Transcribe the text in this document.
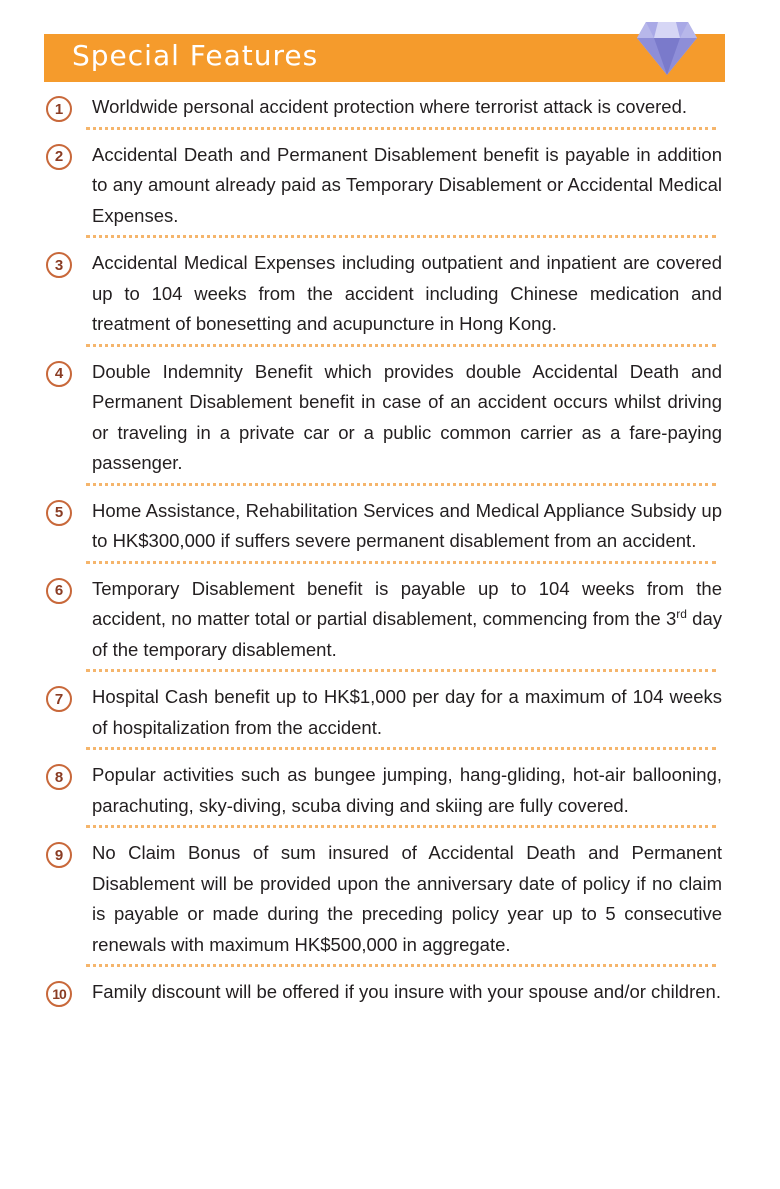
Special Features
1	Worldwide personal accident protection where terrorist attack is covered.
2	Accidental Death and Permanent Disablement benefit is payable in addition to any amount already paid as Temporary Disablement or Accidental Medical Expenses.
3	Accidental Medical Expenses including outpatient and inpatient are covered up to 104 weeks from the accident including Chinese medication and treatment of bonesetting and acupuncture in Hong Kong.
4	Double Indemnity Benefit which provides double Accidental Death and Permanent Disablement benefit in case of an accident occurs whilst driving or traveling in a private car or a public common carrier as a fare-paying passenger.
5	Home Assistance, Rehabilitation Services and Medical Appliance Subsidy up to HK$300,000 if suffers severe permanent disablement from an accident.
6	Temporary Disablement benefit is payable up to 104 weeks from the accident, no matter total or partial disablement, commencing from the 3rd day of the temporary disablement.
7	Hospital Cash benefit up to HK$1,000 per day for a maximum of 104 weeks of hospitalization from the accident.
8	Popular activities such as bungee jumping, hang-gliding, hot-air ballooning, parachuting, sky-diving, scuba diving and skiing are fully covered.
9	No Claim Bonus of sum insured of Accidental Death and Permanent Disablement will be provided upon the anniversary date of policy if no claim is payable or made during the preceding policy year up to 5 consecutive renewals with maximum HK$500,000 in aggregate.
10	Family discount will be offered if you insure with your spouse and/or children.
